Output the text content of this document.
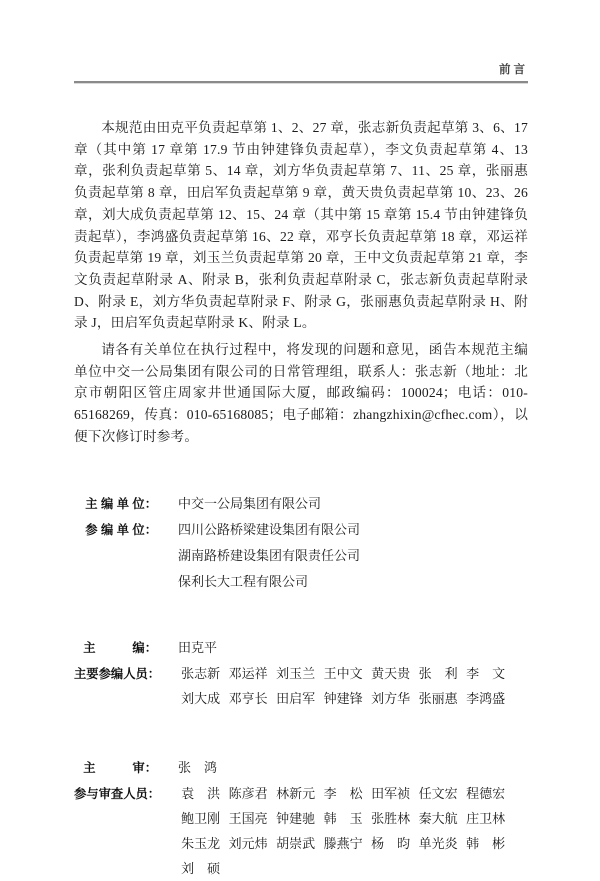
前言

本规范由田克平负责起草第 1、2、27 章，张志新负责起草第 3、6、17 章（其中第 17 章第 17.9 节由钟建锋负责起草），李文负责起草第 4、13 章，张利负责起草第 5、14 章，刘方华负责起草第 7、11、25 章，张丽惠负责起草第 8 章，田启军负责起草第 9 章，黄天贵负责起草第 10、23、26 章，刘大成负责起草第 12、15、24 章（其中第 15 章第 15.4 节由钟建锋负责起草），李鸿盛负责起草第 16、22 章，邓亨长负责起草第 18 章，邓运祥负责起草第 19 章，刘玉兰负责起草第 20 章，王中文负责起草第 21 章，李文负责起草附录 A、附录 B，张利负责起草附录 C，张志新负责起草附录 D、附录 E，刘方华负责起草附录 F、附录 G，张丽惠负责起草附录 H、附录 J，田启军负责起草附录 K、附录 L。

请各有关单位在执行过程中，将发现的问题和意见，函告本规范主编单位中交一公局集团有限公司的日常管理组，联系人：张志新（地址：北京市朝阳区管庄周家井世通国际大厦，邮政编码：100024；电话：010-65168269，传真：010-65168085；电子邮箱：zhangzhixin@cfhec.com），以便下次修订时参考。

主 编 单 位： 中交一公局集团有限公司
参 编 单 位： 四川公路桥梁建设集团有限公司
湖南路桥建设集团有限责任公司
保利长大工程有限公司
主　　　编： 田克平
主要参编人员： 张志新 邓运祥 刘玉兰 王中文 黄天贵 张　利 李　文
刘大成 邓亨长 田启军 钟建锋 刘方华 张丽惠 李鸿盛
主　　　审： 张　鸿
参与审查人员： 袁　洪 陈彦君 林新元 李　松 田军祯 任文宏 程德宏
鲍卫刚 王国亮 钟建驰 韩　玉 张胜林 秦大航 庄卫林
朱玉龙 刘元炜 胡崇武 滕燕宁 杨　昀 单光炎 韩　彬
刘　硕
